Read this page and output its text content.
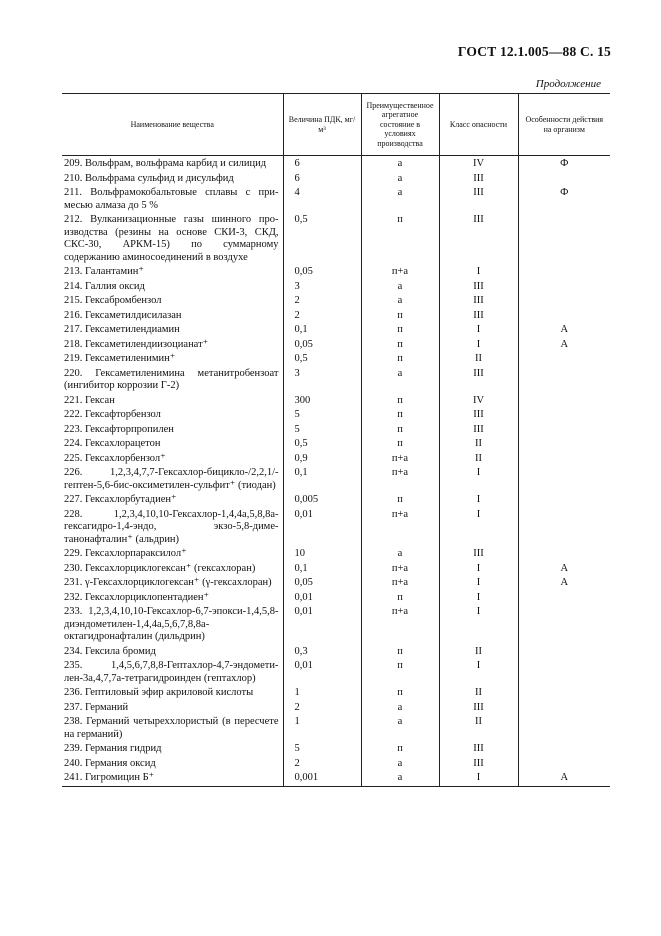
ГОСТ 12.1.005—88 С. 15
Продолжение
Наименование вещества	Величина ПДК, мг/м³	Преимущественное агрегатное состояние в условиях производства	Класс опасности	Особенности действия на организм
209. Вольфрам, вольфрама карбид и силицид	6	а	IV	Ф
210. Вольфрама сульфид и дисульфид	6	а	III	
211. Вольфрамокобальтовые сплавы с примесью алмаза до 5 %	4	а	III	Ф
212. Вулканизационные газы шинного производства (резины на основе СКИ-3, СКД, СКС-30, АРКМ-15) по суммарному содержанию аминосоединений в воздухе	0,5	п	III	
213. Галантамин⁺	0,05	п+а	I	
214. Галлия оксид	3	а	III	
215. Гексабромбензол	2	а	III	
216. Гексаметилдисилазан	2	п	III	
217. Гексаметилендиамин	0,1	п	I	А
218. Гексаметилендиизоцианат⁺	0,05	п	I	А
219. Гексаметиленимин⁺	0,5	п	II	
220. Гексаметиленимина метанитробензоат (ингибитор коррозии Г-2)	3	а	III	
221. Гексан	300	п	IV	
222. Гексафторбензол	5	п	III	
223. Гексафторпропилен	5	п	III	
224. Гексахлорацетон	0,5	п	II	
225. Гексахлорбензол⁺	0,9	п+а	II	
226. 1,2,3,4,7,7-Гексахлор-бицикло-/2,2,1/-гептен-5,6-бис-оксиметилен-сульфит⁺ (тиодан)	0,1	п+а	I	
227. Гексахлорбутадиен⁺	0,005	п	I	
228. 1,2,3,4,10,10-Гексахлор-1,4,4а,5,8,8а-гексагидро-1,4-эндо, экзо-5,8-диметанонафталин⁺ (альдрин)	0,01	п+а	I	
229. Гексахлорпараксилол⁺	10	а	III	
230. Гексахлорциклогексан⁺ (гексахлоран)	0,1	п+а	I	А
231. γ-Гексахлорциклогексан⁺ (γ-гексахлоран)	0,05	п+а	I	А
232. Гексахлорциклопентадиен⁺	0,01	п	I	
233. 1,2,3,4,10,10-Гексахлор-6,7-эпокси-1,4,5,8-диэндометилен-1,4,4а,5,6,7,8,8а-октагидронафталин (дильдрин)	0,01	п+а	I	
234. Гексила бромид	0,3	п	II	
235. 1,4,5,6,7,8,8-Гептахлор-4,7-эндометилен-3а,4,7,7а-тетрагидроинден (гептахлор)	0,01	п	I	
236. Гептиловый эфир акриловой кислоты	1	п	II	
237. Германий	2	а	III	
238. Германий четыреххлористый (в пересчете на германий)	1	а	II	
239. Германия гидрид	5	п	III	
240. Германия оксид	2	а	III	
241. Гигромицин Б⁺	0,001	а	I	А
